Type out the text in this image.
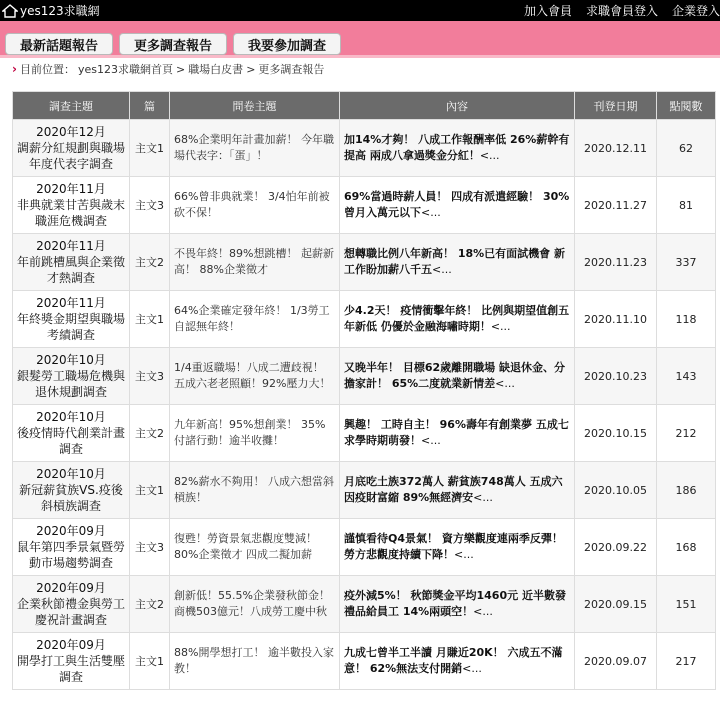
yes123求職網	加入會員 求職會員登入 企業登入
最新話題報告	更多調查報告	我要參加調查
› 目前位置： yes123求職網首頁 > 職場白皮書 > 更多調查報告
調查主題	篇	問卷主題	內容	刊登日期	點閱數

2020年12月
調薪分紅規劃與職場年度代表字調查	主文1	68%企業明年計畫加薪！ 今年職場代表字：「蛋」！	加14%才夠！ 八成工作報酬率低 26%薪幹有提高 兩成八拿過獎金分紅！<...	2020.12.11	62

2020年11月
非典就業甘苦與歲末職涯危機調查	主文3	66%曾非典就業！ 3/4怕年前被砍不保！	69%當過時薪人員！ 四成有派遣經驗！ 30%曾月入萬元以下<...	2020.11.27	81

2020年11月
年前跳槽風與企業徵才熱調查	主文2	不畏年終！89%想跳槽！ 起薪新高！ 88%企業徵才	想轉職比例八年新高！ 18%已有面試機會 新工作盼加薪八千五<...	2020.11.23	337

2020年11月
年終獎金期望與職場考績調查	主文1	64%企業確定發年終！ 1/3勞工自認無年終！	少4.2天！ 疫情衝擊年終！ 比例與期望值創五年新低 仍優於金融海嘯時期！<...	2020.11.10	118

2020年10月
銀髮勞工職場危機與退休規劃調查	主文3	1/4重返職場！八成二遭歧視！ 五成六老老照顧！92%壓力大！	又晚半年！ 目標62歲離開職場 缺退休金、分擔家計！ 65%二度就業新情差<...	2020.10.23	143

2020年10月
後疫情時代創業計畫調查	主文2	九年新高！95%想創業！ 35%付諸行動！逾半收攤！	興趣！ 工時自主！ 96%壽年有創業夢 五成七求學時期萌發！<...	2020.10.15	212

2020年10月
新冠薪貧族VS.疫後斜槓族調查	主文1	82%薪水不夠用！ 八成六想當斜槓族！	月底吃土族372萬人 薪貧族748萬人 五成六因疫財富縮 89%無經濟安<...	2020.10.05	186

2020年09月
鼠年第四季景氣暨勞動市場趨勢調查	主文3	復甦！勞資景氣悲觀度雙減！ 80%企業徵才 四成二擬加薪	謹慎看待Q4景氣！ 資方樂觀度連兩季反彈！ 勞方悲觀度持續下降！<...	2020.09.22	168

2020年09月
企業秋節禮金與勞工慶祝計畫調查	主文2	創新低！55.5%企業發秋節金！ 商機503億元！八成勞工慶中秋	疫外減5%！ 秋節獎金平均1460元 近半數發禮品給員工 14%兩頭空！<...	2020.09.15	151

2020年09月
開學打工與生活雙壓調查	主文1	88%開學想打工！ 逾半數投入家教！	九成七曾半工半讀 月賺近20K！ 六成五不滿意！ 62%無法支付開銷<...	2020.09.07	217
